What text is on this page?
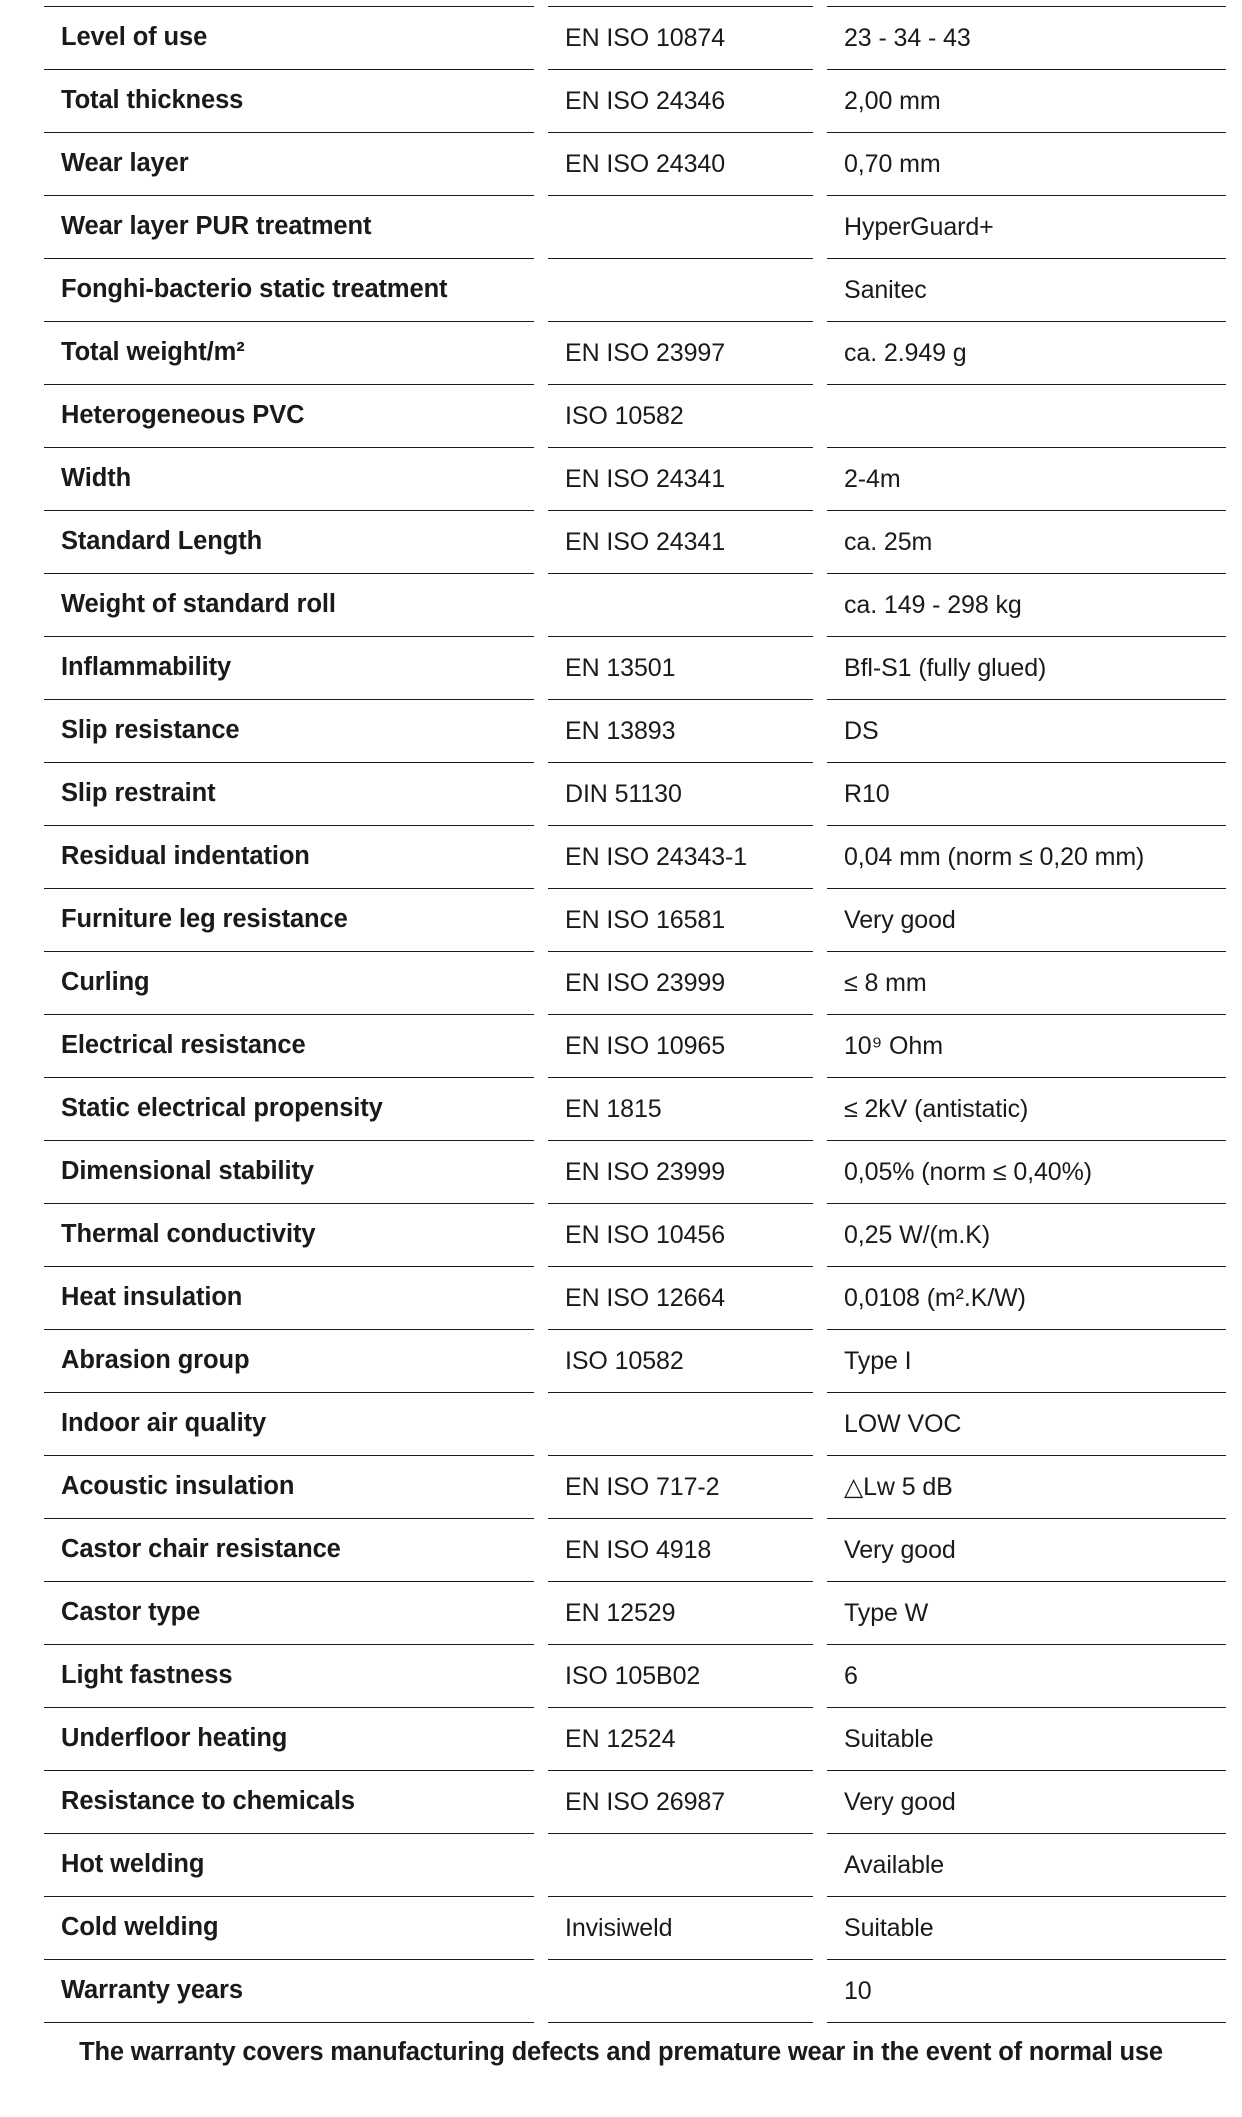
Level of use		EN ISO 10874		23 - 34 - 43

Total thickness		EN ISO 24346		2,00 mm

Wear layer		EN ISO 24340		0,70 mm

Wear layer PUR treatment				HyperGuard+

Fonghi-bacterio static treatment				Sanitec

Total weight/m²		EN ISO 23997		ca. 2.949 g

Heterogeneous PVC		ISO 10582		

Width		EN ISO 24341		2-4m

Standard Length		EN ISO 24341		ca. 25m

Weight of standard roll				ca. 149 - 298 kg

Inflammability		EN 13501		Bfl-S1 (fully glued)

Slip resistance		EN 13893		DS

Slip restraint		DIN 51130		R10

Residual indentation		EN ISO 24343-1		0,04 mm (norm ≤ 0,20 mm)

Furniture leg resistance		EN ISO 16581		Very good

Curling		EN ISO 23999		≤ 8 mm

Electrical resistance		EN ISO 10965		10⁹ Ohm

Static electrical propensity		EN 1815		≤ 2kV (antistatic)

Dimensional stability		EN ISO 23999		0,05% (norm ≤ 0,40%)

Thermal conductivity		EN ISO 10456		0,25 W/(m.K)

Heat insulation		EN ISO 12664		0,0108 (m².K/W)

Abrasion group		ISO 10582		Type I

Indoor air quality				LOW VOC

Acoustic insulation		EN ISO 717-2		△Lw 5 dB

Castor chair resistance		EN ISO 4918		Very good

Castor type		EN 12529		Type W

Light fastness		ISO 105B02		6

Underfloor heating		EN 12524		Suitable

Resistance to chemicals		EN ISO 26987		Very good

Hot welding				Available

Cold welding		Invisiweld		Suitable

Warranty years				10
The warranty covers manufacturing defects and premature wear in the event of normal use
